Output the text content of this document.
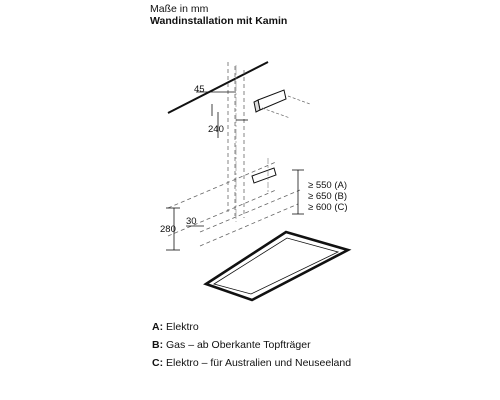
Maße in mm
Wandinstallation mit Kamin
45
240
30
280
≥ 550 (A)
≥ 650 (B)
≥ 600 (C)
A: Elektro
B: Gas – ab Oberkante Topfträger
C: Elektro – für Australien und Neuseeland
